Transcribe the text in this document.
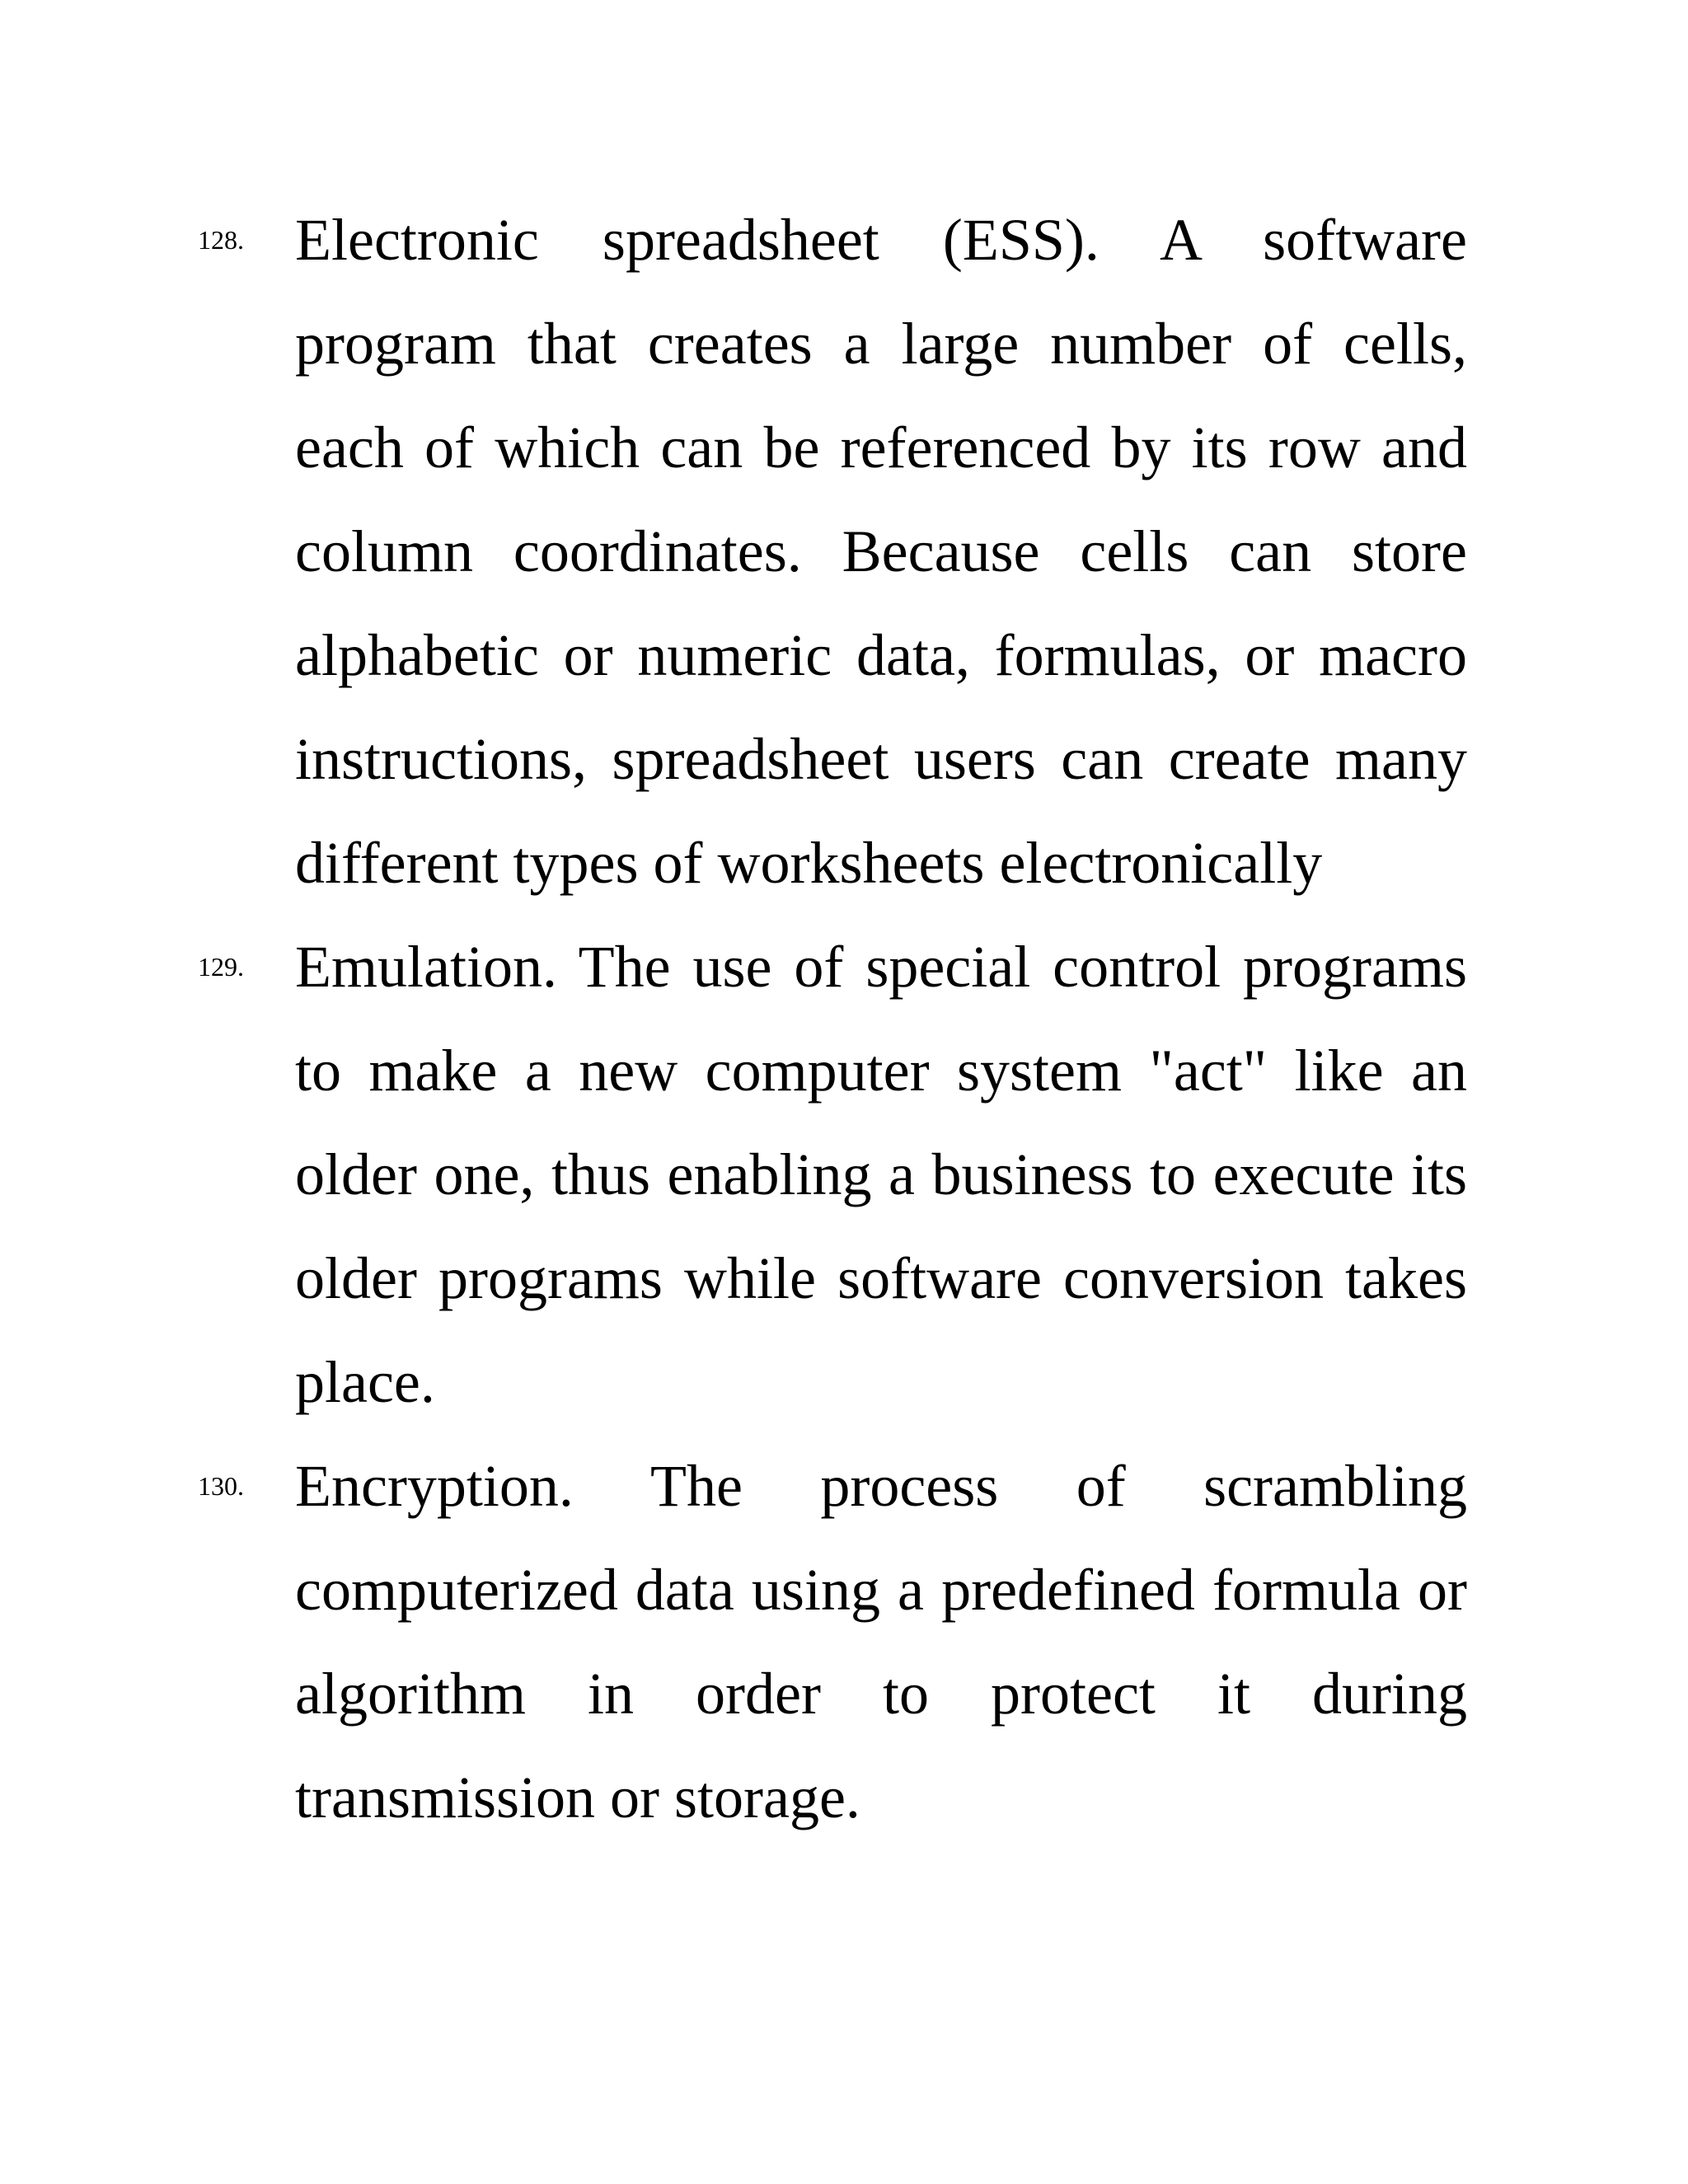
128. Electronic spreadsheet (ESS). A software program that creates a large number of cells, each of which can be referenced by its row and column coordinates. Because cells can store alphabetic or numeric data, formulas, or macro instructions, spreadsheet users can create many different types of worksheets electronically
129. Emulation. The use of special control programs to make a new computer system "act" like an older one, thus enabling a business to execute its older programs while software conversion takes place.
130. Encryption. The process of scrambling computerized data using a predefined formula or algorithm in order to protect it during transmission or storage.
